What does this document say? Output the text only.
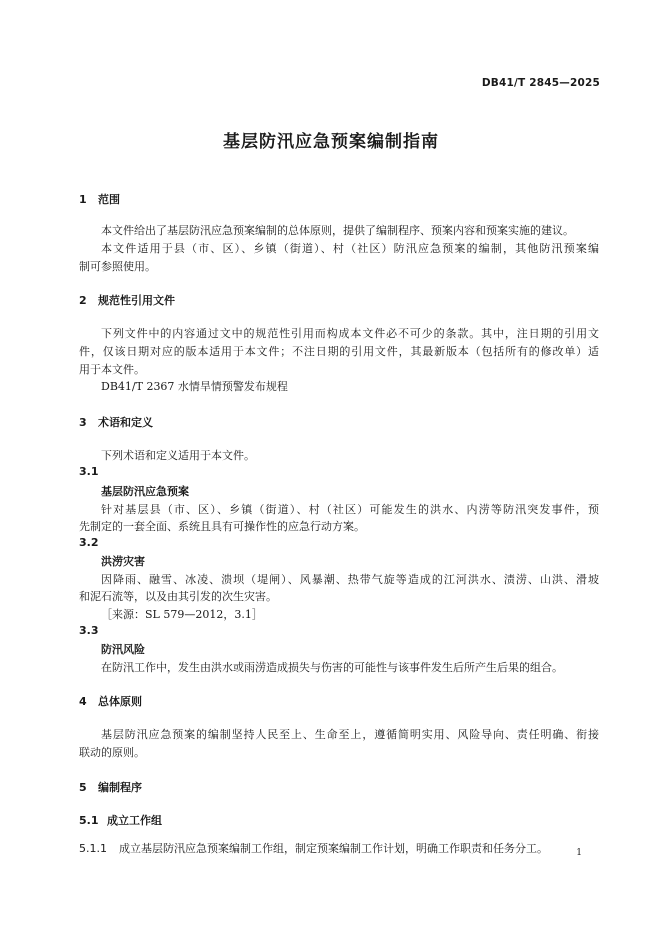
DB41/T 2845—2025
基层防汛应急预案编制指南
1 范围
本文件给出了基层防汛应急预案编制的总体原则，提供了编制程序、预案内容和预案实施的建议。
本文件适用于县（市、区）、乡镇（街道）、村（社区）防汛应急预案的编制，其他防汛预案编
制可参照使用。
2 规范性引用文件
下列文件中的内容通过文中的规范性引用而构成本文件必不可少的条款。其中，注日期的引用文
件，仅该日期对应的版本适用于本文件；不注日期的引用文件，其最新版本（包括所有的修改单）适
用于本文件。
DB41/T 2367 水情旱情预警发布规程
3 术语和定义
下列术语和定义适用于本文件。
3.1
基层防汛应急预案
针对基层县（市、区）、乡镇（街道）、村（社区）可能发生的洪水、内涝等防汛突发事件，预
先制定的一套全面、系统且具有可操作性的应急行动方案。
3.2
洪涝灾害
因降雨、融雪、冰凌、溃坝（堤闸）、风暴潮、热带气旋等造成的江河洪水、渍涝、山洪、滑坡
和泥石流等，以及由其引发的次生灾害。
［来源：SL 579—2012，3.1］
3.3
防汛风险
在防汛工作中，发生由洪水或雨涝造成损失与伤害的可能性与该事件发生后所产生后果的组合。
4 总体原则
基层防汛应急预案的编制坚持人民至上、生命至上，遵循简明实用、风险导向、责任明确、衔接
联动的原则。
5 编制程序
5.1 成立工作组
5.1.1 成立基层防汛应急预案编制工作组，制定预案编制工作计划，明确工作职责和任务分工。	1
